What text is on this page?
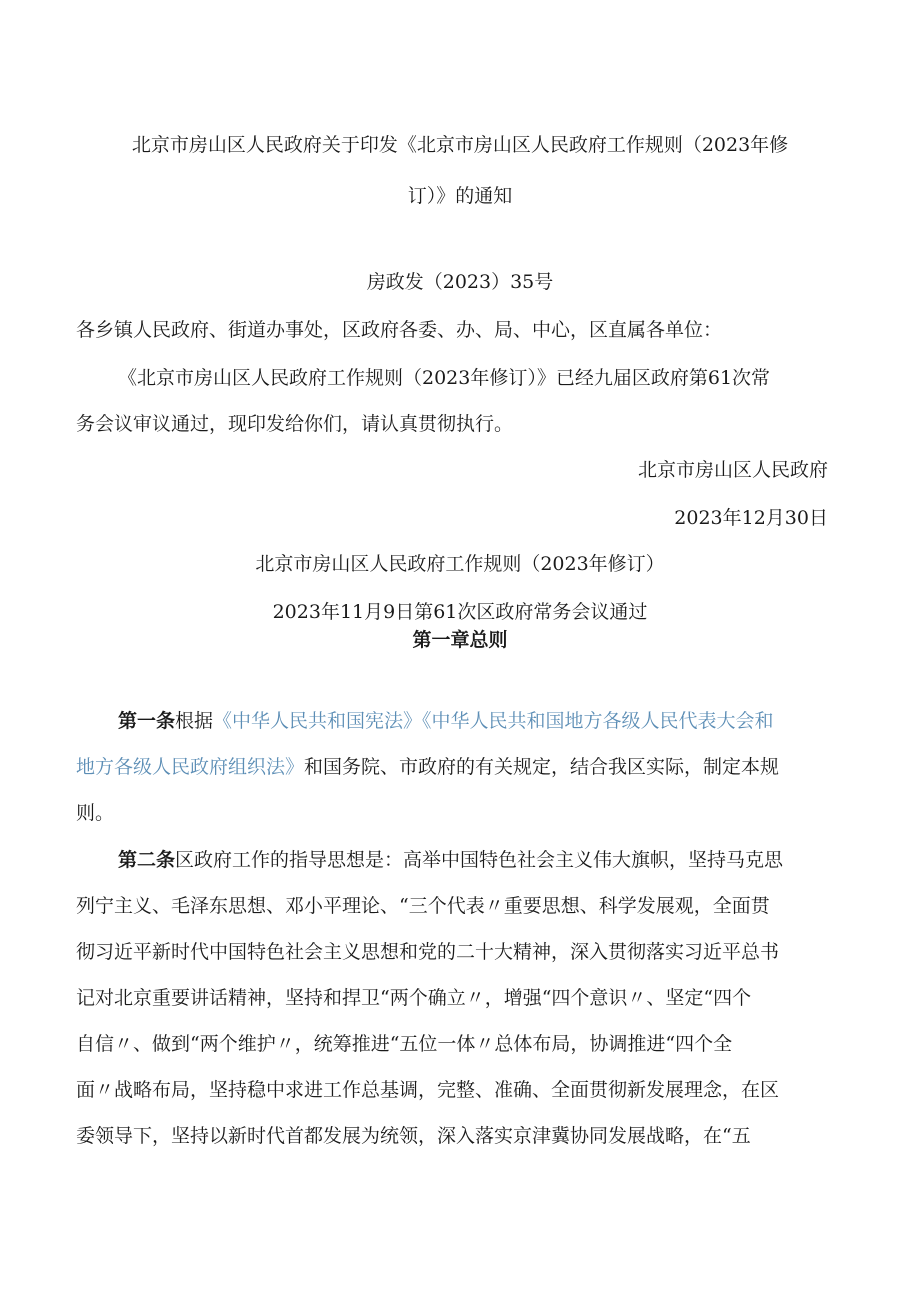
北京市房山区人民政府关于印发《北京市房山区人民政府工作规则（2023年修
订）》的通知
房政发（2023）35号
各乡镇人民政府、街道办事处，区政府各委、办、局、中心，区直属各单位：
《北京市房山区人民政府工作规则（2023年修订）》已经九届区政府第61次常
务会议审议通过，现印发给你们，请认真贯彻执行。
北京市房山区人民政府
2023年12月30日
北京市房山区人民政府工作规则（2023年修订）
2023年11月9日第61次区政府常务会议通过
第一章总则
第一条根据《中华人民共和国宪法》《中华人民共和国地方各级人民代表大会和
地方各级人民政府组织法》和国务院、市政府的有关规定，结合我区实际，制定本规
则。
第二条区政府工作的指导思想是：高举中国特色社会主义伟大旗帜，坚持马克思
列宁主义、毛泽东思想、邓小平理论、“三个代表〃重要思想、科学发展观，全面贯
彻习近平新时代中国特色社会主义思想和党的二十大精神，深入贯彻落实习近平总书
记对北京重要讲话精神，坚持和捍卫“两个确立〃，增强“四个意识〃、坚定“四个
自信〃、做到“两个维护〃，统筹推进“五位一体〃总体布局，协调推进“四个全
面〃战略布局，坚持稳中求进工作总基调，完整、准确、全面贯彻新发展理念，在区
委领导下，坚持以新时代首都发展为统领，深入落实京津冀协同发展战略，在“五
